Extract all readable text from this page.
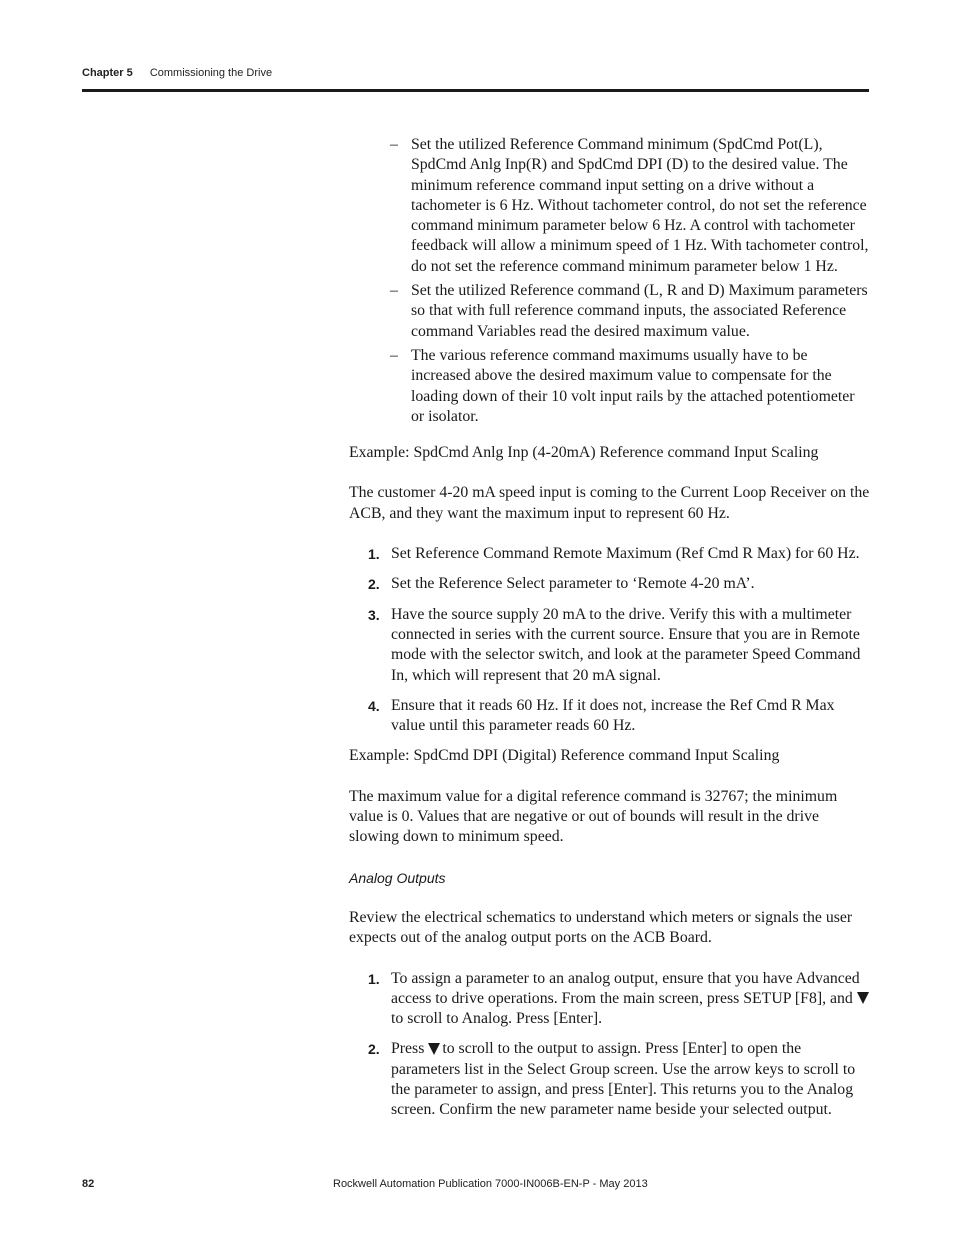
Chapter 5 Commissioning the Drive
– Set the utilized Reference Command minimum (SpdCmd Pot(L), SpdCmd Anlg Inp(R) and SpdCmd DPI (D) to the desired value. The minimum reference command input setting on a drive without a tachometer is 6 Hz. Without tachometer control, do not set the reference command minimum parameter below 6 Hz. A control with tachometer feedback will allow a minimum speed of 1 Hz. With tachometer control, do not set the reference command minimum parameter below 1 Hz.
– Set the utilized Reference command (L, R and D) Maximum parameters so that with full reference command inputs, the associated Reference command Variables read the desired maximum value.
– The various reference command maximums usually have to be increased above the desired maximum value to compensate for the loading down of their 10 volt input rails by the attached potentiometer or isolator.

Example: SpdCmd Anlg Inp (4-20mA) Reference command Input Scaling

The customer 4-20 mA speed input is coming to the Current Loop Receiver on the ACB, and they want the maximum input to represent 60 Hz.

1. Set Reference Command Remote Maximum (Ref Cmd R Max) for 60 Hz.
2. Set the Reference Select parameter to ‘Remote 4-20 mA’.
3. Have the source supply 20 mA to the drive. Verify this with a multimeter connected in series with the current source. Ensure that you are in Remote mode with the selector switch, and look at the parameter Speed Command In, which will represent that 20 mA signal.
4. Ensure that it reads 60 Hz. If it does not, increase the Ref Cmd R Max value until this parameter reads 60 Hz.

Example: SpdCmd DPI (Digital) Reference command Input Scaling

The maximum value for a digital reference command is 32767; the minimum value is 0. Values that are negative or out of bounds will result in the drive slowing down to minimum speed.

Analog Outputs

Review the electrical schematics to understand which meters or signals the user expects out of the analog output ports on the ACB Board.

1. To assign a parameter to an analog output, ensure that you have Advanced access to drive operations. From the main screen, press SETUP [F8], and  to scroll to Analog. Press [Enter].
2. Press to scroll to the output to assign. Press [Enter] to open the parameters list in the Select Group screen. Use the arrow keys to scroll to the parameter to assign, and press [Enter]. This returns you to the Analog screen. Confirm the new parameter name beside your selected output.
82	Rockwell Automation Publication 7000-IN006B-EN-P - May 2013
